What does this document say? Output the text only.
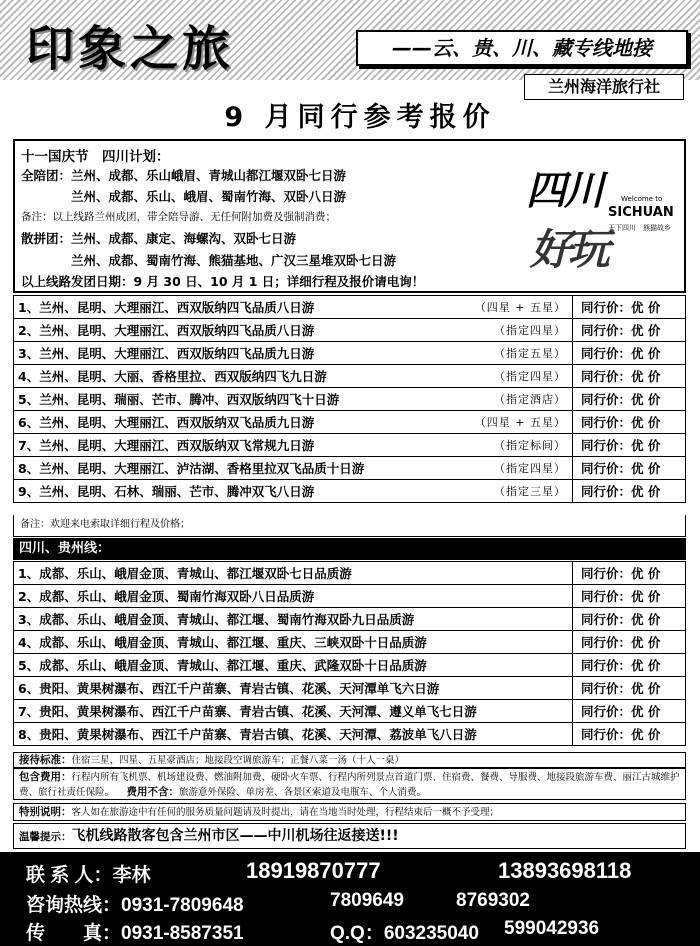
印象之旅	——云、贵、川、藏专线地接
兰州海洋旅行社
9 月同行参考报价
十一国庆节　四川计划：
全陪团：兰州、成都、乐山峨眉、青城山都江堰双卧七日游
　　　　兰州、成都、乐山、峨眉、蜀南竹海、双卧八日游
备注：以上线路兰州成团，带全陪导游、无任何附加费及强制消费；
散拼团：兰州、成都、康定、海螺沟、双卧七日游
　　　　兰州、成都、蜀南竹海、熊猫基地、广汉三星堆双卧七日游
以上线路发团日期：9 月 30 日、10 月 1 日；详细行程及报价请电询！
四川
好玩
Welcome to
SICHUAN
天下四川　熊猫故乡
1、兰州、昆明、大理丽江、西双版纳四飞品质八日游	（四星 + 五星）	同行价：优 价
2、兰州、昆明、大理丽江、西双版纳四飞品质八日游	（指定四星）	同行价：优 价
3、兰州、昆明、大理丽江、西双版纳四飞品质九日游	（指定五星）	同行价：优 价
4、兰州、昆明、大丽、香格里拉、西双版纳四飞九日游	（指定四星）	同行价：优 价
5、兰州、昆明、瑞丽、芒市、腾冲、西双版纳四飞十日游	（指定酒店）	同行价：优 价
6、兰州、昆明、大理丽江、西双版纳双飞品质九日游	（四星 + 五星）	同行价：优 价
7、兰州、昆明、大理丽江、西双版纳双飞常规九日游	（指定标间）	同行价：优 价
8、兰州、昆明、大理丽江、泸沽湖、香格里拉双飞品质十日游	（指定四星）	同行价：优 价
9、兰州、昆明、石林、瑞丽、芒市、腾冲双飞八日游	（指定三星）	同行价：优 价
备注：欢迎来电索取详细行程及价格；
四川、贵州线：
1、成都、乐山、峨眉金顶、青城山、都江堰双卧七日品质游	同行价：优 价
2、成都、乐山、峨眉金顶、蜀南竹海双卧八日品质游	同行价：优 价
3、成都、乐山、峨眉金顶、青城山、都江堰、蜀南竹海双卧九日品质游	同行价：优 价
4、成都、乐山、峨眉金顶、青城山、都江堰、重庆、三峡双卧十日品质游	同行价：优 价
5、成都、乐山、峨眉金顶、青城山、都江堰、重庆、武隆双卧十日品质游	同行价：优 价
6、贵阳、黄果树瀑布、西江千户苗寨、青岩古镇、花溪、天河潭单飞六日游	同行价：优 价
7、贵阳、黄果树瀑布、西江千户苗寨、青岩古镇、花溪、天河潭、遵义单飞七日游	同行价：优 价
8、贵阳、黄果树瀑布、西江千户苗寨、青岩古镇、花溪、天河潭、荔波单飞八日游	同行价：优 价
接待标准：住宿三星、四星、五星豪酒店；地接段空调旅游车；正餐八菜一汤（十人一桌）
包含费用：行程内所有飞机票、机场建设费、燃油附加费、硬卧火车票、行程内所列景点首道门票、住宿费、餐费、导服费、地接段旅游车费、丽江古城维护费、旅行社责任保险。 　 费用不含：旅游意外保险、单房差、各景区索道及电瓶车、个人消费。
特别说明：客人如在旅游途中有任何的服务质量问题请及时提出，请在当地当时处理，行程结束后一概不予受理；
温馨提示：飞机线路散客包含兰州市区——中川机场往返接送!!!
联 系 人：李林	18919870777	13893698118
咨询热线：0931-7809648	7809649	8769302
传　　真：0931-8587351	Q.Q：603235040 599042936
